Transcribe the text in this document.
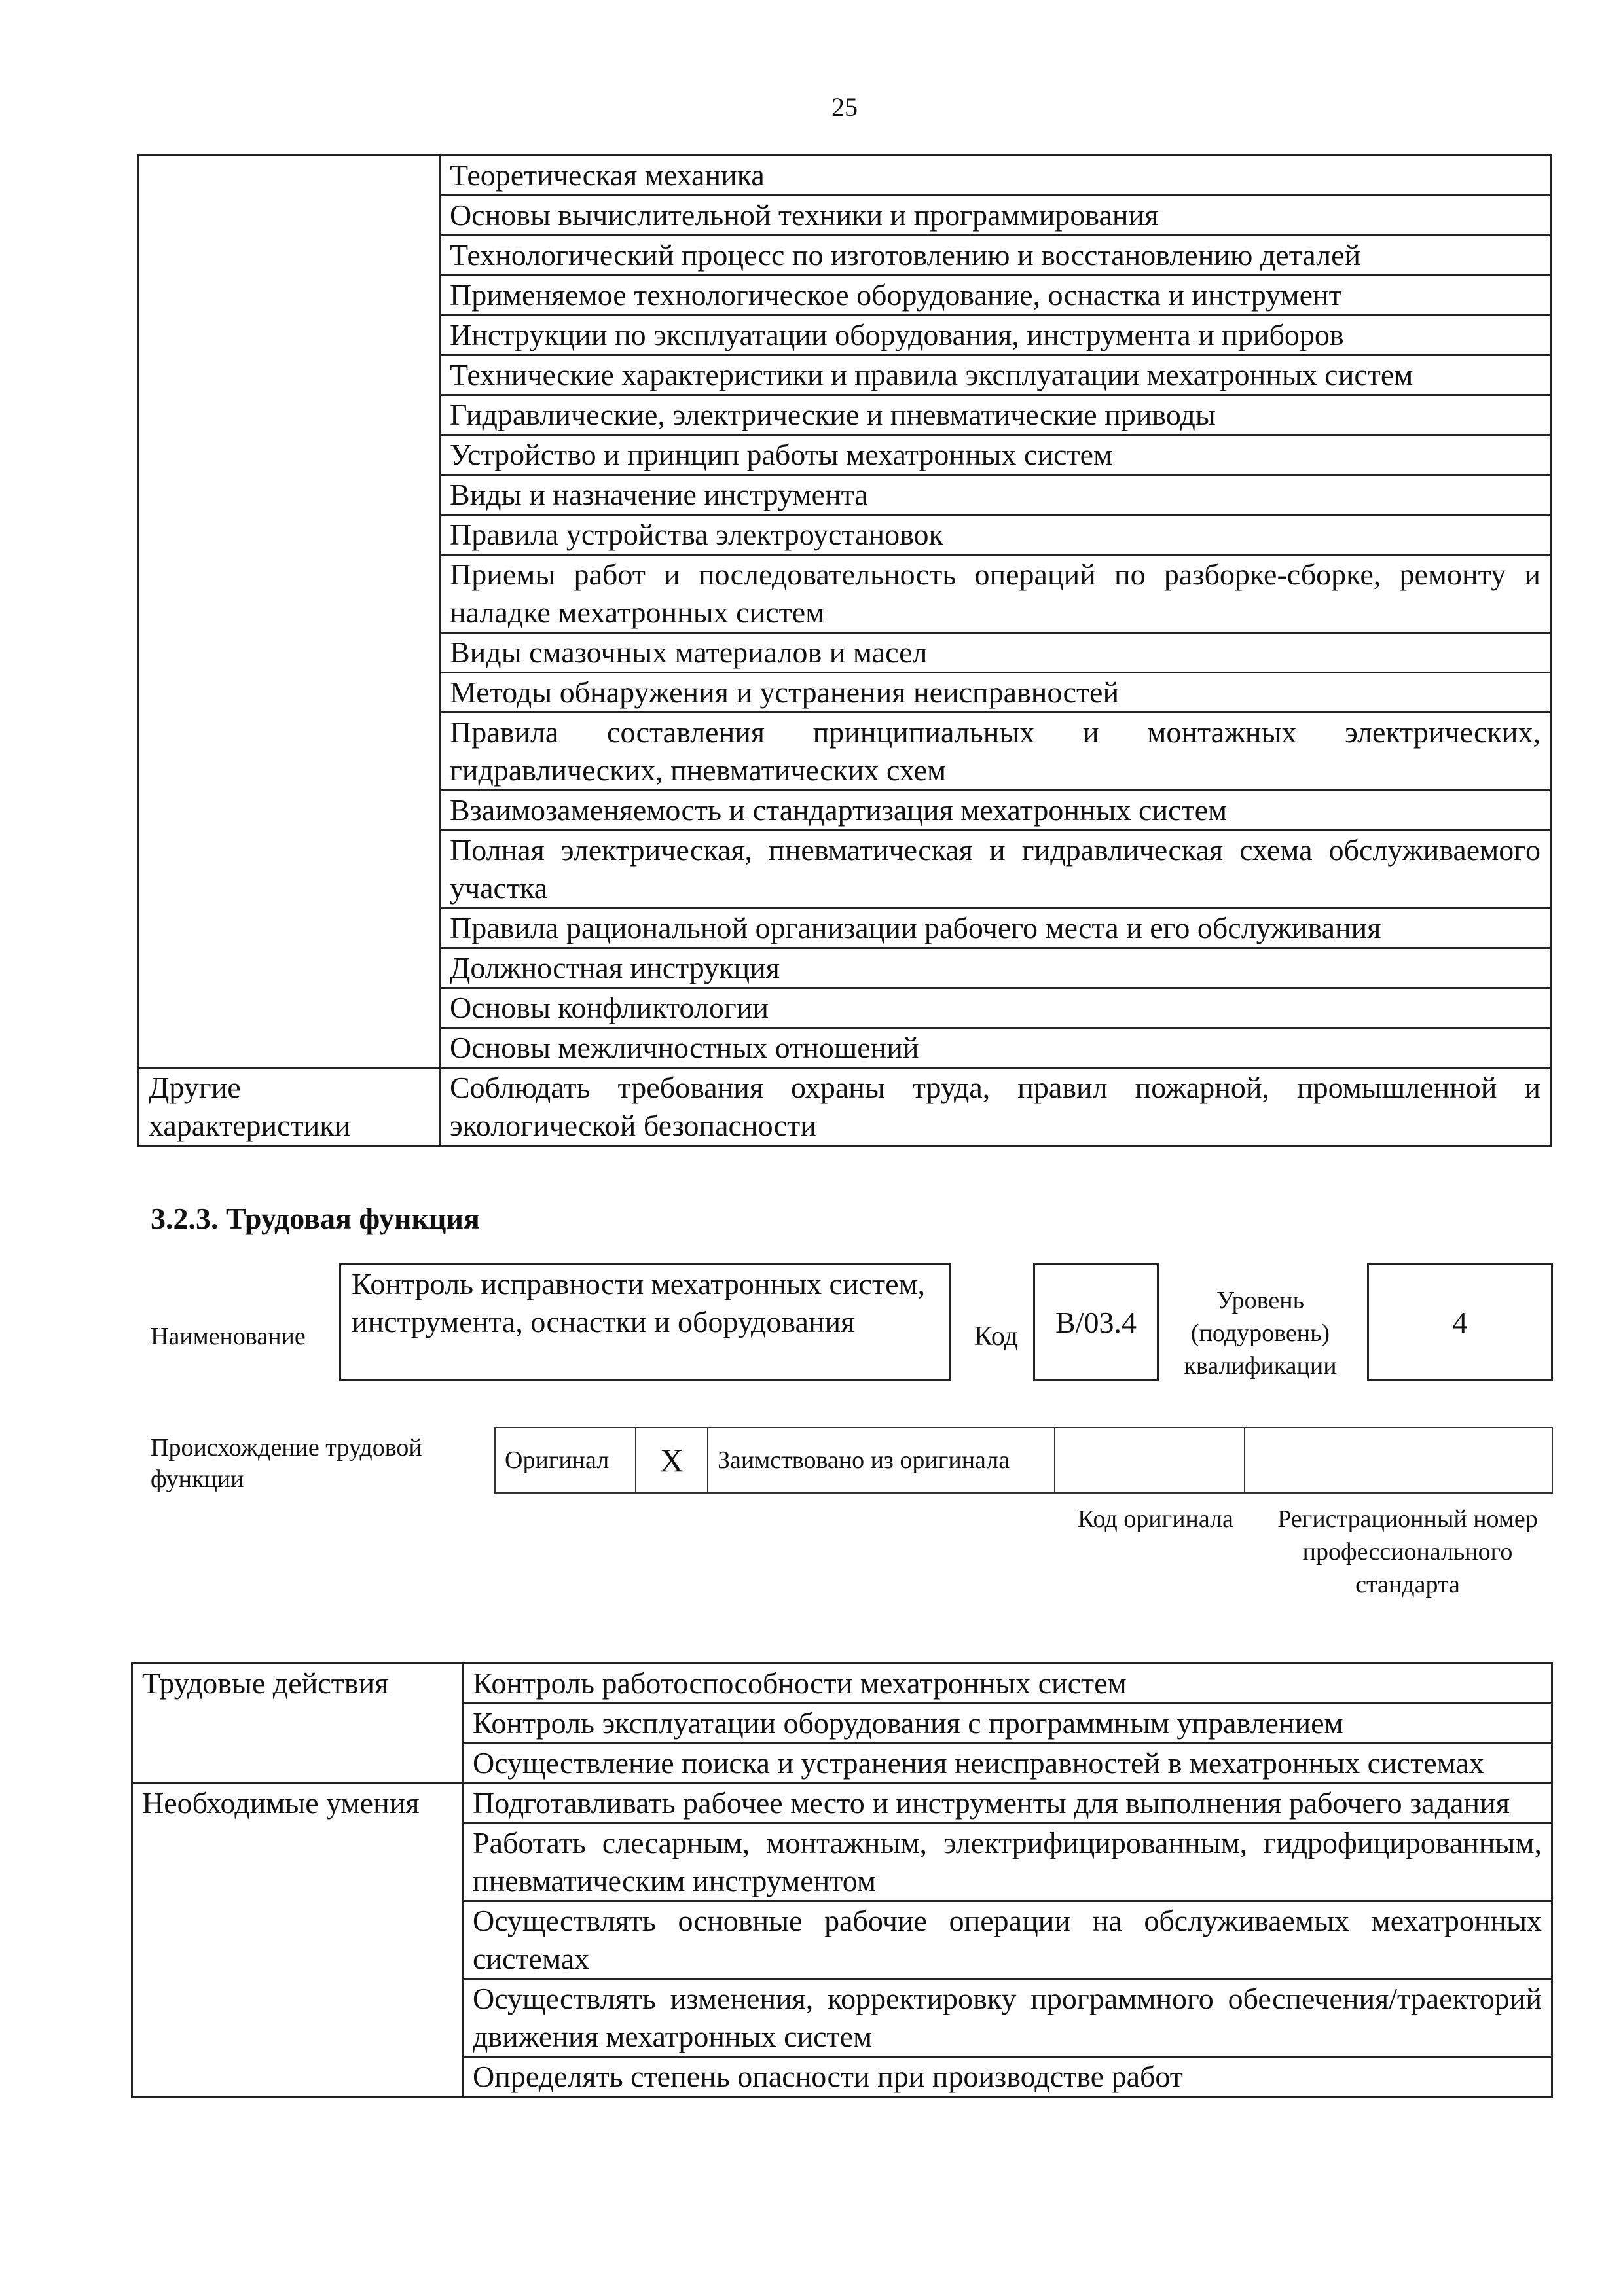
25
	Теоретическая механика
	Основы вычислительной техники и программирования
	Технологический процесс по изготовлению и восстановлению деталей
	Применяемое технологическое оборудование, оснастка и инструмент
	Инструкции по эксплуатации оборудования, инструмента и приборов
	Технические характеристики и правила эксплуатации мехатронных систем
	Гидравлические, электрические и пневматические приводы
	Устройство и принцип работы мехатронных систем
	Виды и назначение инструмента
	Правила устройства электроустановок
	Приемы работ и последовательность операций по разборке-сборке, ремонту и наладке мехатронных систем
	Виды смазочных материалов и масел
	Методы обнаружения и устранения неисправностей
	Правила составления принципиальных и монтажных электрических, гидравлических, пневматических схем
	Взаимозаменяемость и стандартизация мехатронных систем
	Полная электрическая, пневматическая и гидравлическая схема обслуживаемого участка
	Правила рациональной организации рабочего места и его обслуживания
	Должностная инструкция
	Основы конфликтологии
	Основы межличностных отношений
Другие характеристики	Соблюдать требования охраны труда, правил пожарной, промышленной и экологической безопасности
3.2.3. Трудовая функция
Наименование
Контроль исправности мехатронных систем, инструмента, оснастки и оборудования	Код	B/03.4
Уровень (подуровень) квалификации
4
Происхождение трудовой функции
Оригинал	X	Заимствовано из оригинала		
Код оригинала	Регистрационный номер профессионального стандарта
Трудовые действия	Контроль работоспособности мехатронных систем
	Контроль эксплуатации оборудования с программным управлением
	Осуществление поиска и устранения неисправностей в мехатронных системах
Необходимые умения	Подготавливать рабочее место и инструменты для выполнения рабочего задания
	Работать слесарным, монтажным, электрифицированным, гидрофицированным, пневматическим инструментом
	Осуществлять основные рабочие операции на обслуживаемых мехатронных системах
	Осуществлять изменения, корректировку программного обеспечения/траекторий движения мехатронных систем
	Определять степень опасности при производстве работ
